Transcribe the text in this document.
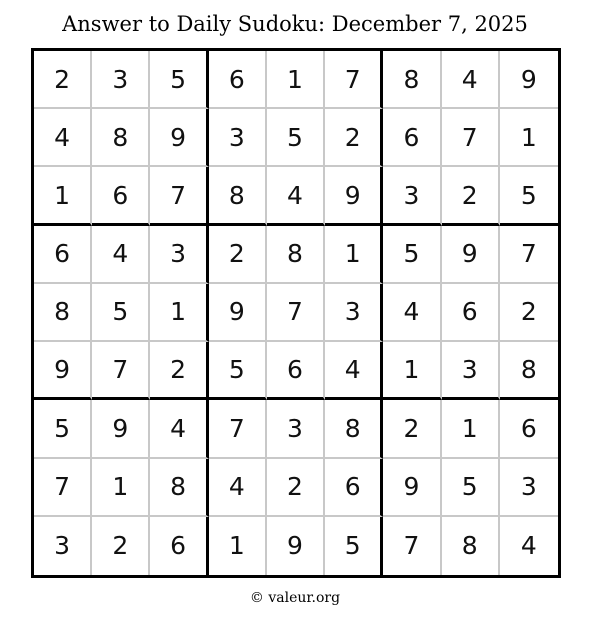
Answer to Daily Sudoku: December 7, 2025
2	3	5	6	1	7	8	4	9
4	8	9	3	5	2	6	7	1
1	6	7	8	4	9	3	2	5
6	4	3	2	8	1	5	9	7
8	5	1	9	7	3	4	6	2
9	7	2	5	6	4	1	3	8
5	9	4	7	3	8	2	1	6
7	1	8	4	2	6	9	5	3
3	2	6	1	9	5	7	8	4
© valeur.org
